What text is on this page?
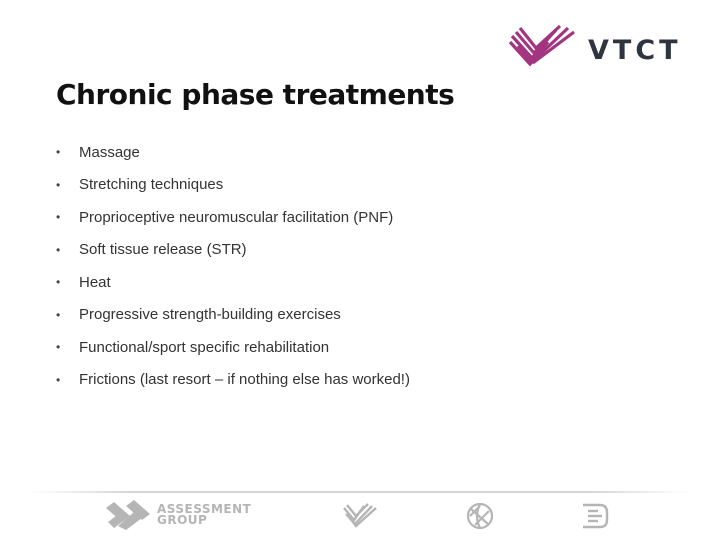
VTCT
Chronic phase treatments
•	Massage
•	Stretching techniques
•	Proprioceptive neuromuscular facilitation (PNF)
•	Soft tissue release (STR)
•	Heat
•	Progressive strength-building exercises
•	Functional/sport specific rehabilitation
•	Frictions (last resort – if nothing else has worked!)
ASSESSMENT
GROUP
